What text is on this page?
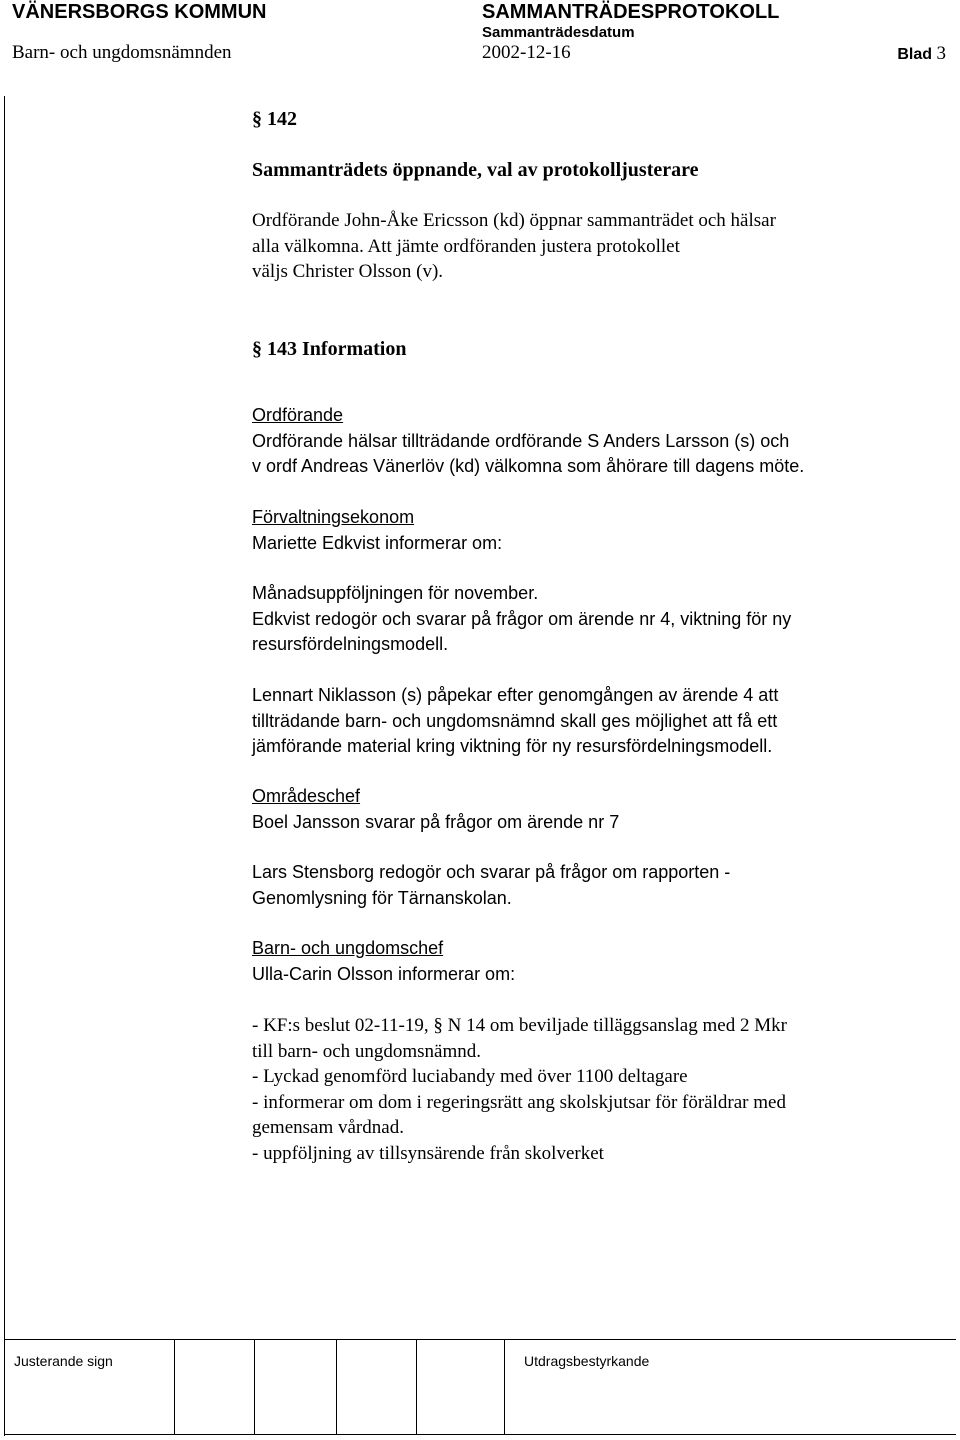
VÄNERSBORGS KOMMUN	SAMMANTRÄDESPROTOKOLL
Sammanträdesdatum
Barn- och ungdomsnämnden	2002-12-16	Blad 3
§ 142
Sammanträdets öppnande, val av protokolljusterare
Ordförande John-Åke Ericsson (kd) öppnar sammanträdet och hälsar
alla välkomna. Att jämte ordföranden justera protokollet
väljs Christer Olsson (v).
§ 143 Information
Ordförande
Ordförande hälsar tillträdande ordförande S Anders Larsson (s) och
v ordf Andreas Vänerlöv (kd) välkomna som åhörare till dagens möte.
Förvaltningsekonom
Mariette Edkvist informerar om:
Månadsuppföljningen för november.
Edkvist redogör och svarar på frågor om ärende nr 4, viktning för ny
resursfördelningsmodell.
Lennart Niklasson (s) påpekar efter genomgången av ärende 4 att
tillträdande barn- och ungdomsnämnd skall ges möjlighet att få ett
jämförande material kring viktning för ny resursfördelningsmodell.
Områdeschef
Boel Jansson svarar på frågor om ärende nr 7
Lars Stensborg redogör och svarar på frågor om rapporten -
Genomlysning för Tärnanskolan.
Barn- och ungdomschef
Ulla-Carin Olsson informerar om:
- KF:s beslut 02-11-19, § N 14 om beviljade tilläggsanslag med 2 Mkr
till barn- och ungdomsnämnd.
- Lyckad genomförd luciabandy med över 1100 deltagare
- informerar om dom i regeringsrätt ang skolskjutsar för föräldrar med
gemensam vårdnad.
- uppföljning av tillsynsärende från skolverket
Justerande sign	Utdragsbestyrkande
